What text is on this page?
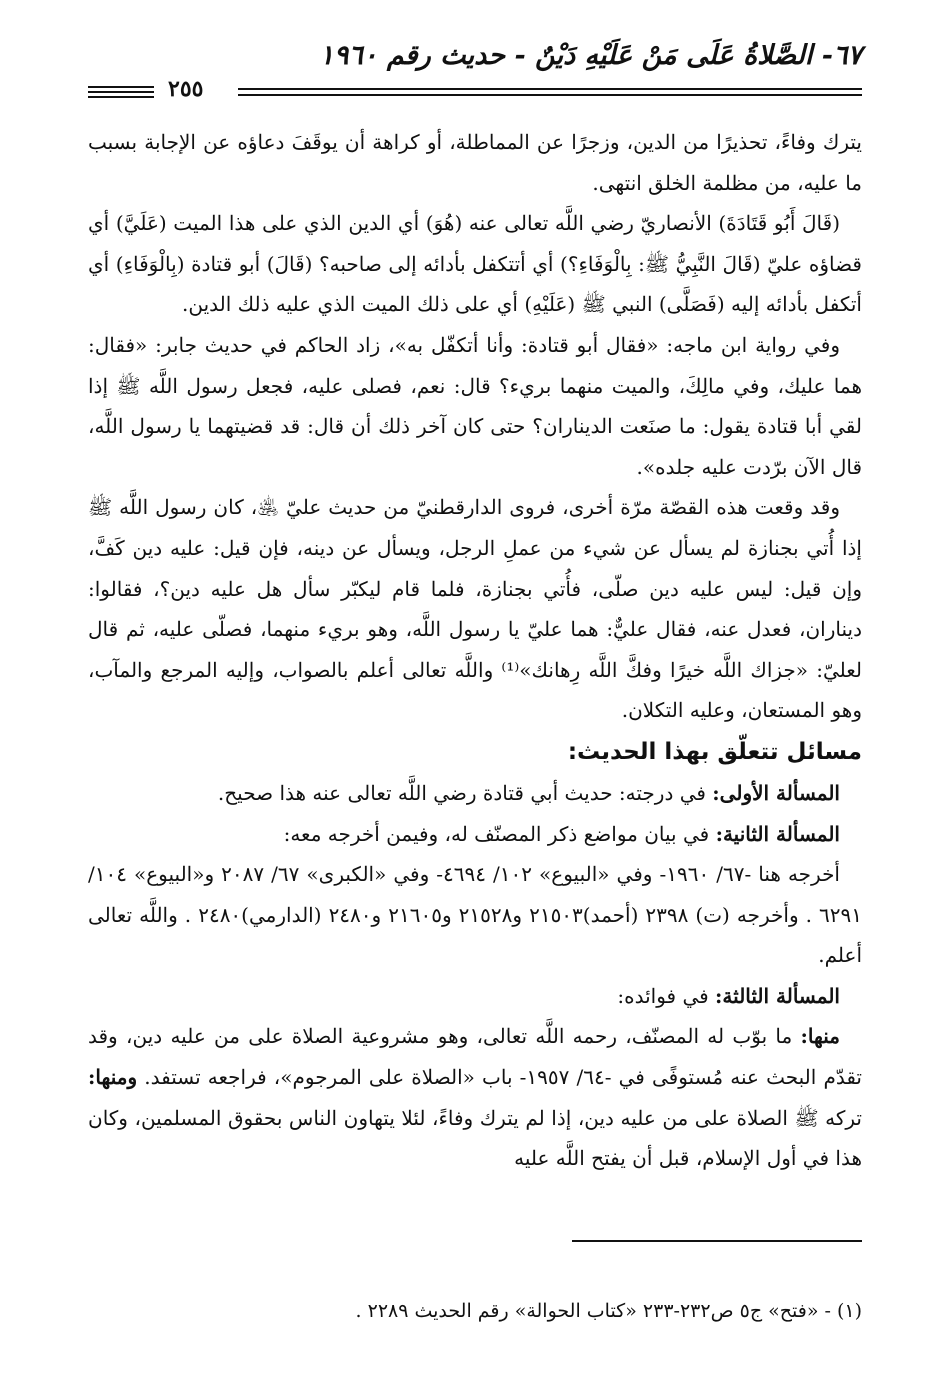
٦٧- الصَّلاةُ عَلَى مَنْ عَلَيْهِ دَيْنٌ - حديث رقم ١٩٦٠
٢٥٥

يترك وفاءً، تحذيرًا من الدين، وزجرًا عن المماطلة، أو كراهة أن يوقَفَ دعاؤه عن الإجابة بسبب ما عليه، من مظلمة الخلق انتهى.

(قَالَ أَبُو قَتَادَةَ) الأنصاريّ رضي اللَّه تعالى عنه (هُوَ) أي الدين الذي على هذا الميت (عَلَيَّ) أي قضاؤه عليّ (قَالَ النَّبِيُّ ﷺ: بِالْوَفَاءِ؟) أي أتتكفل بأدائه إلى صاحبه؟ (قَالَ) أبو قتادة (بِالْوَفَاءِ) أي أتكفل بأدائه إليه (فَصَلَّى) النبي ﷺ (عَلَيْهِ) أي على ذلك الميت الذي عليه ذلك الدين.

وفي رواية ابن ماجه: «فقال أبو قتادة: وأنا أتكفّل به»، زاد الحاكم في حديث جابر: «فقال: هما عليك، وفي مالِكَ، والميت منهما بريء؟ قال: نعم، فصلى عليه، فجعل رسول اللَّه ﷺ إذا لقي أبا قتادة يقول: ما صنَعت الديناران؟ حتى كان آخر ذلك أن قال: قد قضيتهما يا رسول اللَّه، قال الآن برّدت عليه جلده».

وقد وقعت هذه القصّة مرّة أخرى، فروى الدارقطنيّ من حديث عليّ ﵁، كان رسول اللَّه ﷺ إذا أُتي بجنازة لم يسأل عن شيء من عملِ الرجل، ويسأل عن دينه، فإن قيل: عليه دين كَفَّ، وإن قيل: ليس عليه دين صلّى، فأُتي بجنازة، فلما قام ليكبّر سأل هل عليه دين؟، فقالوا: ديناران، فعدل عنه، فقال عليٌّ: هما عليّ يا رسول اللَّه، وهو بريء منهما، فصلّى عليه، ثم قال لعليّ: «جزاك اللَّه خيرًا وفكَّ اللَّه رِهانك»⁽¹⁾ واللَّه تعالى أعلم بالصواب، وإليه المرجع والمآب، وهو المستعان، وعليه التكلان.

مسائل تتعلّق بهذا الحديث:

المسألة الأولى: في درجته: حديث أبي قتادة رضي اللَّه تعالى عنه هذا صحيح.

المسألة الثانية: في بيان مواضع ذكر المصنّف له، وفيمن أخرجه معه:

أخرجه هنا -٦٧/ ١٩٦٠- وفي «البيوع» ١٠٢/ ٤٦٩٤- وفي «الكبرى» ٦٧/ ٢٠٨٧ و«البيوع» ١٠٤/ ٦٢٩١ . وأخرجه (ت) ٢٣٩٨ (أحمد)٢١٥٠٣ و٢١٥٢٨ و٢١٦٠٥ و٢٤٨٠ (الدارمي)٢٤٨٠ . واللَّه تعالى أعلم.

المسألة الثالثة: في فوائده:

منها: ما بوّب له المصنّف، رحمه اللَّه تعالى، وهو مشروعية الصلاة على من عليه دين، وقد تقدّم البحث عنه مُستوفًى في -٦٤/ ١٩٥٧- باب «الصلاة على المرجوم»، فراجعه تستفد. ومنها: تركه ﷺ الصلاة على من عليه دين، إذا لم يترك وفاءً، لئلا يتهاون الناس بحقوق المسلمين، وكان هذا في أول الإسلام، قبل أن يفتح اللَّه عليه

(١) - «فتح» ج٥ ص٢٣٢-٢٣٣ «كتاب الحوالة» رقم الحديث ٢٢٨٩ .
